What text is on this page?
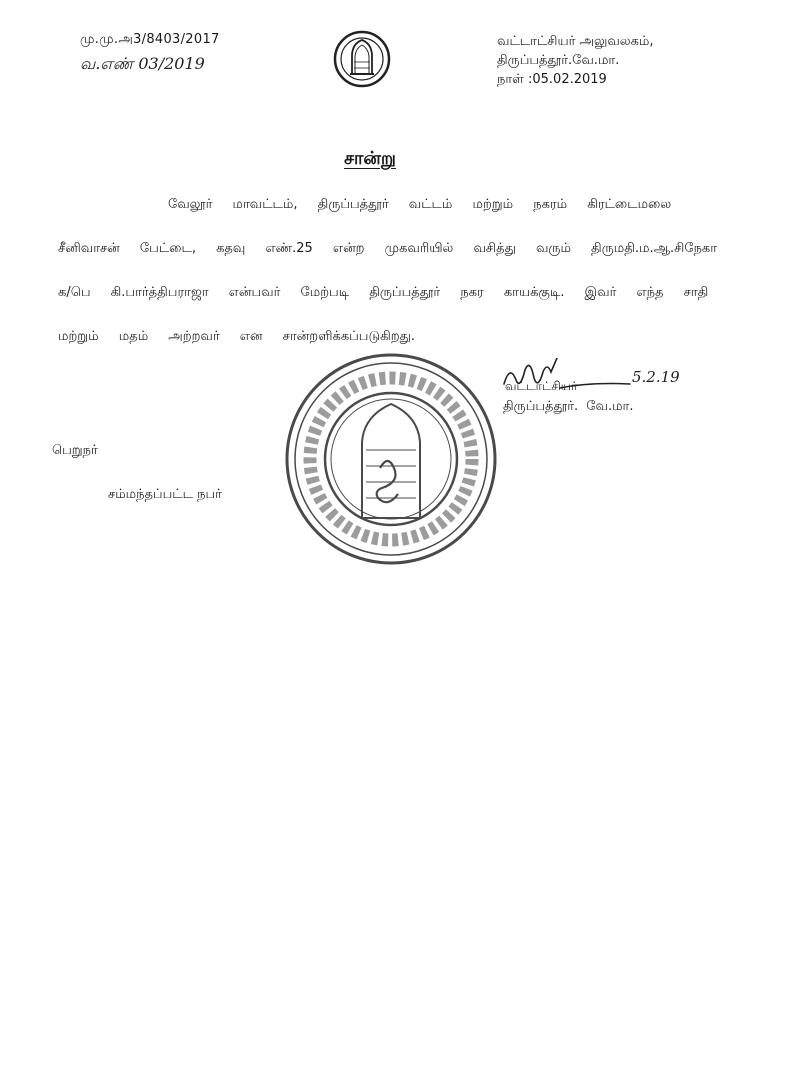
மு.மு.அ3/8403/2017
வ.எண் 03/2019
வட்டாட்சியர் அலுவலகம்,
திருப்பத்தூர்.வே.மா.
நாள் :05.02.2019
சான்று
வேலூர் மாவட்டம், திருப்பத்தூர் வட்டம் மற்றும் நகரம் கிரட்டைமலை சீனிவாசன் பேட்டை, கதவு எண்.25 என்ற முகவரியில் வசித்து வரும் திருமதி.ம.ஆ.சிநேகா க/பெ கி.பார்த்திபராஜா என்பவர் மேற்படி திருப்பத்தூர் நகர காயக்குடி. இவர் எந்த சாதி மற்றும் மதம் அற்றவர் என சான்றளிக்கப்படுகிறது.
5.2.19
வட்டாட்சியர்
திருப்பத்தூர். வே.மா.
பெறுநர்
சம்மந்தப்பட்ட நபர்
